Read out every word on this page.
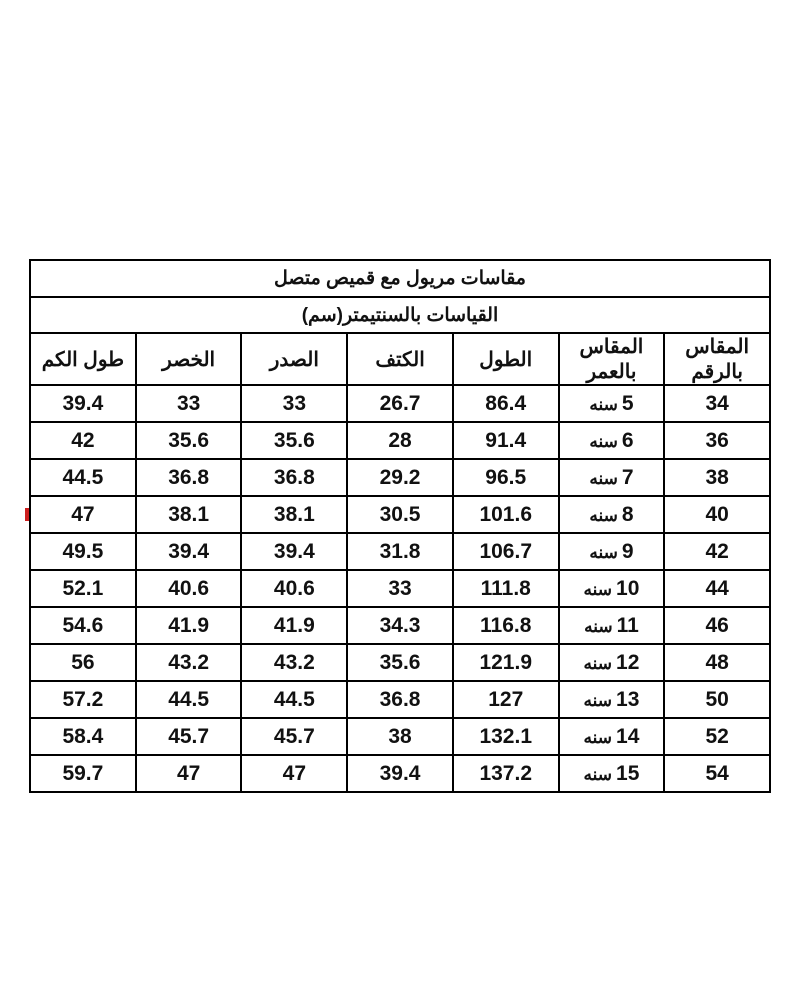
مقاسات مريول مع قميص متصل						
القياسات بالسنتيمتر(سم)						
المقاس بالرقم	المقاس بالعمر	الطول	الكتف	الصدر	الخصر	طول الكم
34	5سنه	86.4	26.7	33	33	39.4
36	6سنه	91.4	28	35.6	35.6	42
38	7سنه	96.5	29.2	36.8	36.8	44.5
40	8سنه	101.6	30.5	38.1	38.1	47
42	9سنه	106.7	31.8	39.4	39.4	49.5
44	10سنه	111.8	33	40.6	40.6	52.1
46	11سنه	116.8	34.3	41.9	41.9	54.6
48	12سنه	121.9	35.6	43.2	43.2	56
50	13سنه	127	36.8	44.5	44.5	57.2
52	14سنه	132.1	38	45.7	45.7	58.4
54	15سنه	137.2	39.4	47	47	59.7
